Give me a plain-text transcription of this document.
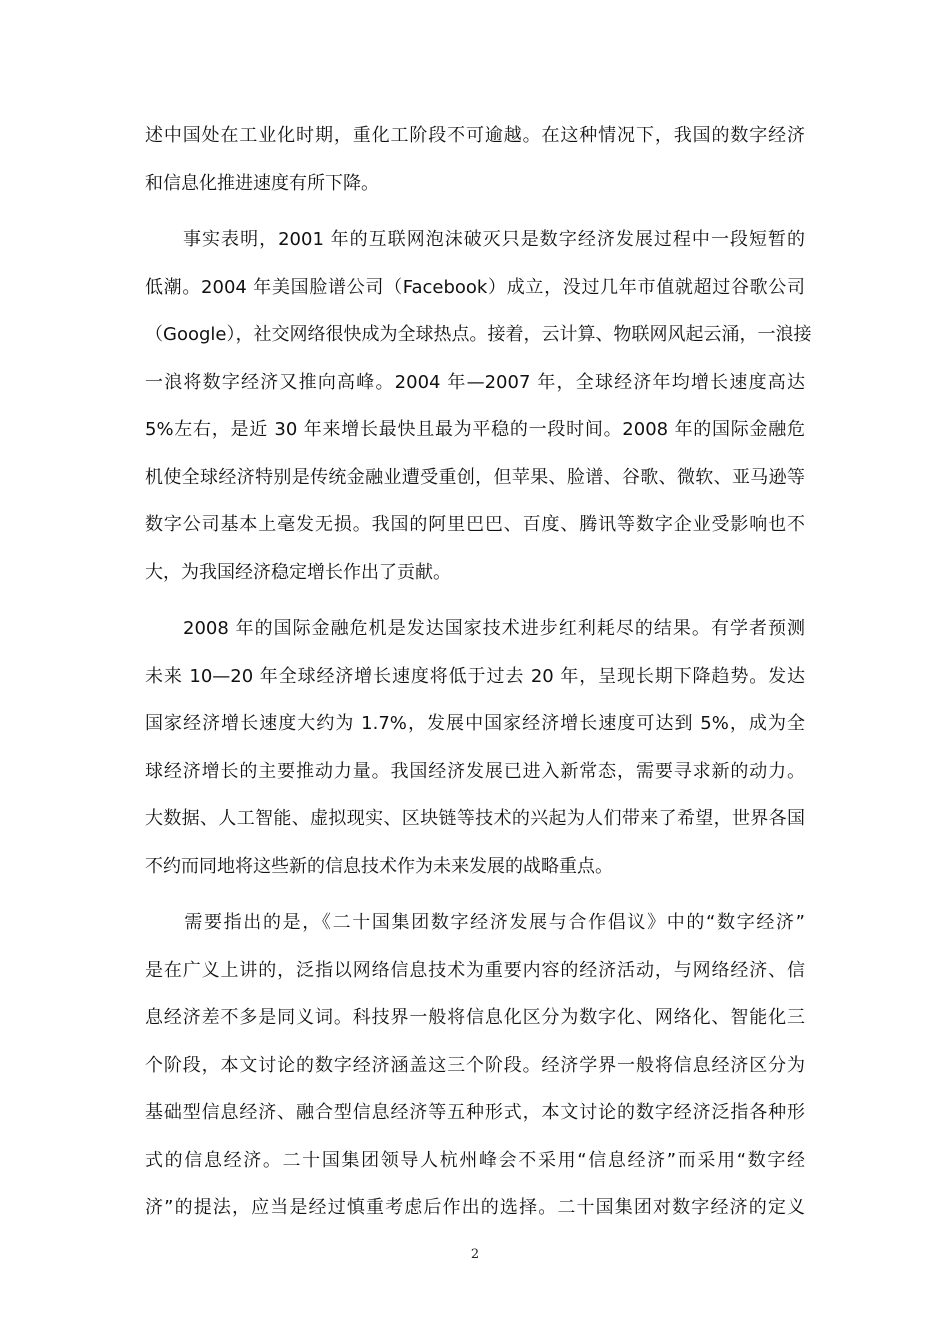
述中国处在工业化时期，重化工阶段不可逾越。在这种情况下，我国的数字经济
和信息化推进速度有所下降。
　　事实表明，2001 年的互联网泡沫破灭只是数字经济发展过程中一段短暂的
低潮。2004 年美国脸谱公司（Facebook）成立，没过几年市值就超过谷歌公司
（Google），社交网络很快成为全球热点。接着，云计算、物联网风起云涌，一浪接
一浪将数字经济又推向高峰。2004 年—2007 年，全球经济年均增长速度高达
5%左右，是近 30 年来增长最快且最为平稳的一段时间。2008 年的国际金融危
机使全球经济特别是传统金融业遭受重创，但苹果、脸谱、谷歌、微软、亚马逊等
数字公司基本上毫发无损。我国的阿里巴巴、百度、腾讯等数字企业受影响也不
大，为我国经济稳定增长作出了贡献。
　　2008 年的国际金融危机是发达国家技术进步红利耗尽的结果。有学者预测
未来 10—20 年全球经济增长速度将低于过去 20 年，呈现长期下降趋势。发达
国家经济增长速度大约为 1.7%，发展中国家经济增长速度可达到 5%，成为全
球经济增长的主要推动力量。我国经济发展已进入新常态，需要寻求新的动力。
大数据、人工智能、虚拟现实、区块链等技术的兴起为人们带来了希望，世界各国
不约而同地将这些新的信息技术作为未来发展的战略重点。
　　需要指出的是，《二十国集团数字经济发展与合作倡议》中的“数字经济”
是在广义上讲的，泛指以网络信息技术为重要内容的经济活动，与网络经济、信
息经济差不多是同义词。科技界一般将信息化区分为数字化、网络化、智能化三
个阶段，本文讨论的数字经济涵盖这三个阶段。经济学界一般将信息经济区分为
基础型信息经济、融合型信息经济等五种形式，本文讨论的数字经济泛指各种形
式的信息经济。二十国集团领导人杭州峰会不采用“信息经济”而采用“数字经
济”的提法，应当是经过慎重考虑后作出的选择。二十国集团对数字经济的定义
2
